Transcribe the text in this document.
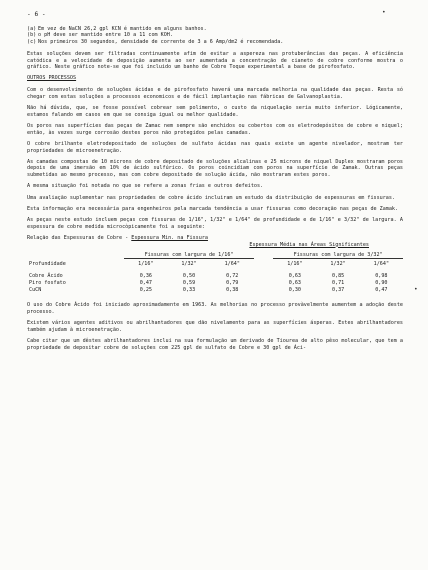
- 6 -
(a) Em vez de NaCN 26,2 gpl KCN é mantido em alguns banhos.
(b) o pH deve ser mantido entre 10 a 11 com KOH.
(c) Nos primeiros 30 segundos, densidade de corrente de 3 a 6 Amp/dm2 é recomendada.

Estas soluções devem ser filtradas continuamente afim de evitar a aspereza nas protuberâncias das peças. A eficiência catódica e a velocidade de deposição aumenta ao ser aumentada a concentração de cianeto de cobre conforme mostra o gráfico. Neste gráfico note-se que foi incluido um banho de Cobre Toque experimental a base de pirofosfato.

OUTROS PROCESSOS

Com o desenvolvimento de soluções ácidas e de pirofosfato haverá uma marcada melhoria na qualidade das peças. Resta só chegar com estas soluções a processos economicos e de fácil implantação nas fábricas de Galvanoplastia.

Não há dúvida, que, se fosse possível cobrear sem polimento, o custo da niquelação seria muito inferior. Lógicamente, estamos falando em casos em que se consiga igual ou melhor qualidade.

Os poros nas superfícies das peças de Zamac nem sempre são enchidos ou cobertos com os eletrodepósitos de cobre e niquel; então, às vezes surge corrosão destes poros não protegidos pelas camadas.

O cobre brilhante eletrodepositado de soluções de sulfato ácidas nas quais existe um agente nivelador, mostram ter propriedades de microenetração.

As camadas compostas de 10 microns de cobre depositado de soluções alcalinas e 25 microns de niquel Duplex mostraram poros depois de uma imersão em 10% de ácido sulfúrico. Os poros coincidiam com poros na superfície de Zamak. Outras peças submetidas ao mesmo processo, mas com cobre depositado de solução ácida, não mostraram estes poros.

A mesma situação foi notada no que se refere a zonas frias e outros defeitos.

Uma avaliação suplementar nas propriedades de cobre ácido incluiram um estudo da distribuição de espessuras em fissuras.

Esta informação era necessária para engenheiros pela marcada tendência a usar fissuras como decoração nas peças de Zamak.

As peças neste estudo incluem peças com fissuras de 1/16", 1/32" e 1/64" de profundidade e de 1/16" e 3/32" de largura. A espessura de cobre medida microcòpicamente foi a seguinte:

Relação das Espessuras de Cobre - Espessura Min. na Fissura
Espessura Média nas Áreas Significantes
	Fissuras com largura de 1/16"				Fissuras com largura de 3/32"		
Profundidade	1/16"	1/32"	1/64"		1/16"	1/32"	1/64"
Cobre Ácido	0,36	0,50	0,72		0,63	0,85	0,98
Piro fosfato	0,47	0,59	0,79		0,63	0,71	0,90
CuCN	0,25	0,33	0,38		0,30	0,37	0,47

O uso do Cobre Ácido foi iniciado aproximadamente em 1963. As melhorias no processo provàvelmente aumentem a adoção deste processo.

Existem vários agentes aditivos ou abrilhantadores que dão nivelamento para as superfícies ásperas. Estes abrilhantadores também ajudam à microenetração.

Cabe citar que um dêstes abrilhantadores inclui na sua formulação um derivado de Tiourea de alto pêso molecular, que tem a propriedade de depositar cobre de soluções com 225 gpl de sulfato de Cobre e 30 gpl de Áci-

•
•
